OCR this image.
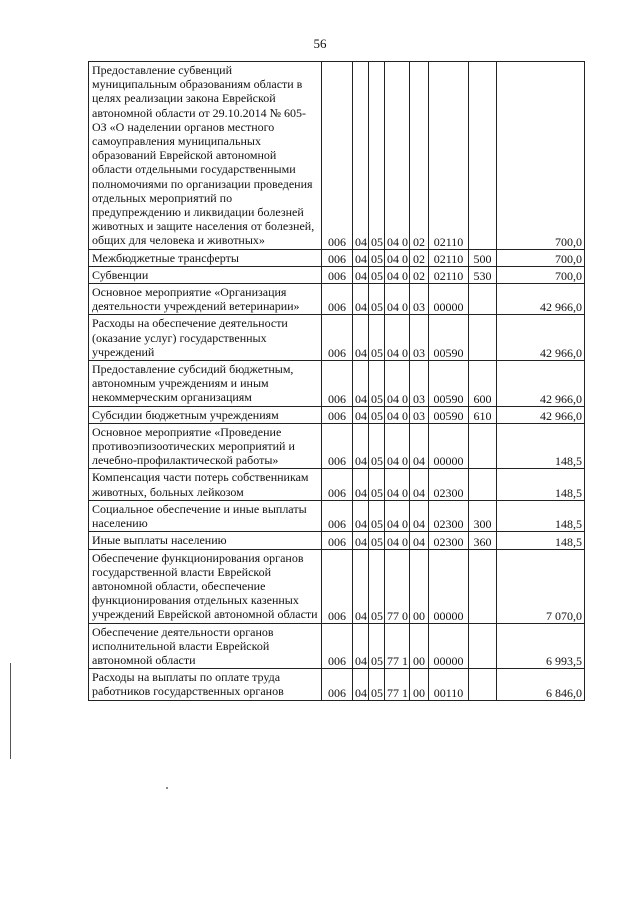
56
Предоставление субвенций муниципальным образованиям области в целях реализации закона Еврейской автономной области от 29.10.2014 № 605-ОЗ «О наделении органов местного самоуправления муниципальных образований Еврейской автономной области отдельными государственными полномочиями по организации проведения отдельных мероприятий по предупреждению и ликвидации болезней животных и защите населения от болезней, общих для человека и животных»	006	04	05	04 0	02	02110		700,0
Межбюджетные трансферты	006	04	05	04 0	02	02110	500	700,0
Субвенции	006	04	05	04 0	02	02110	530	700,0
Основное мероприятие «Организация деятельности учреждений ветеринарии»	006	04	05	04 0	03	00000		42 966,0
Расходы на обеспечение деятельности (оказание услуг) государственных учреждений	006	04	05	04 0	03	00590		42 966,0
Предоставление субсидий бюджетным, автономным учреждениям и иным некоммерческим организациям	006	04	05	04 0	03	00590	600	42 966,0
Субсидии бюджетным учреждениям	006	04	05	04 0	03	00590	610	42 966,0
Основное мероприятие «Проведение противоэпизоотических мероприятий и лечебно-профилактической работы»	006	04	05	04 0	04	00000		148,5
Компенсация части потерь собственникам животных, больных лейкозом	006	04	05	04 0	04	02300		148,5
Социальное обеспечение и иные выплаты населению	006	04	05	04 0	04	02300	300	148,5
Иные выплаты населению	006	04	05	04 0	04	02300	360	148,5
Обеспечение функционирования органов государственной власти Еврейской автономной области, обеспечение функционирования отдельных казенных учреждений Еврейской автономной области	006	04	05	77 0	00	00000		7 070,0
Обеспечение деятельности органов исполнительной власти Еврейской автономной области	006	04	05	77 1	00	00000		6 993,5
Расходы на выплаты по оплате труда работников государственных органов	006	04	05	77 1	00	00110		6 846,0
